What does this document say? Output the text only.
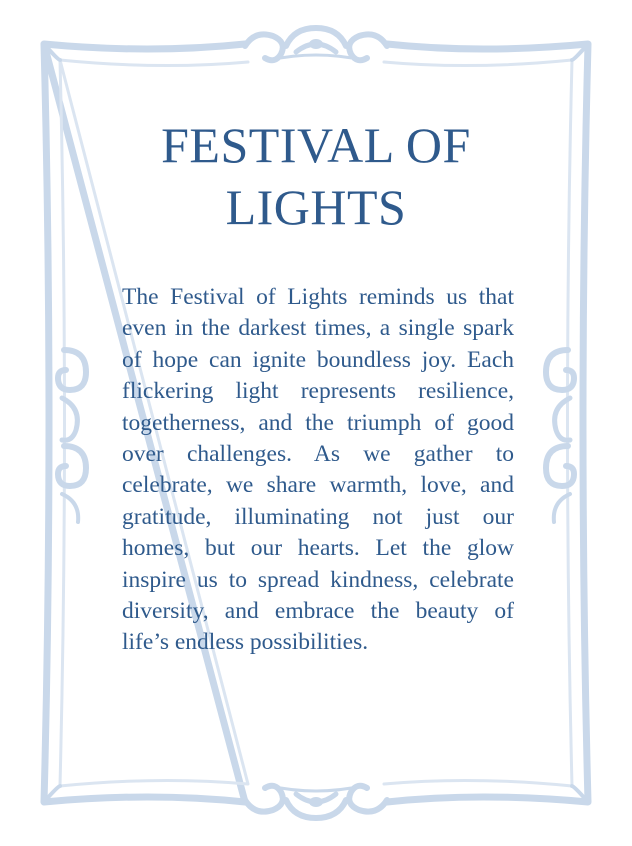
FESTIVAL OF LIGHTS

The Festival of Lights reminds us that even in the darkest times, a single spark of hope can ignite boundless joy. Each flickering light represents resilience, togetherness, and the triumph of good over challenges. As we gather to celebrate, we share warmth, love, and gratitude, illuminating not just our homes, but our hearts. Let the glow inspire us to spread kindness, celebrate diversity, and embrace the beauty of life’s endless possibilities.
